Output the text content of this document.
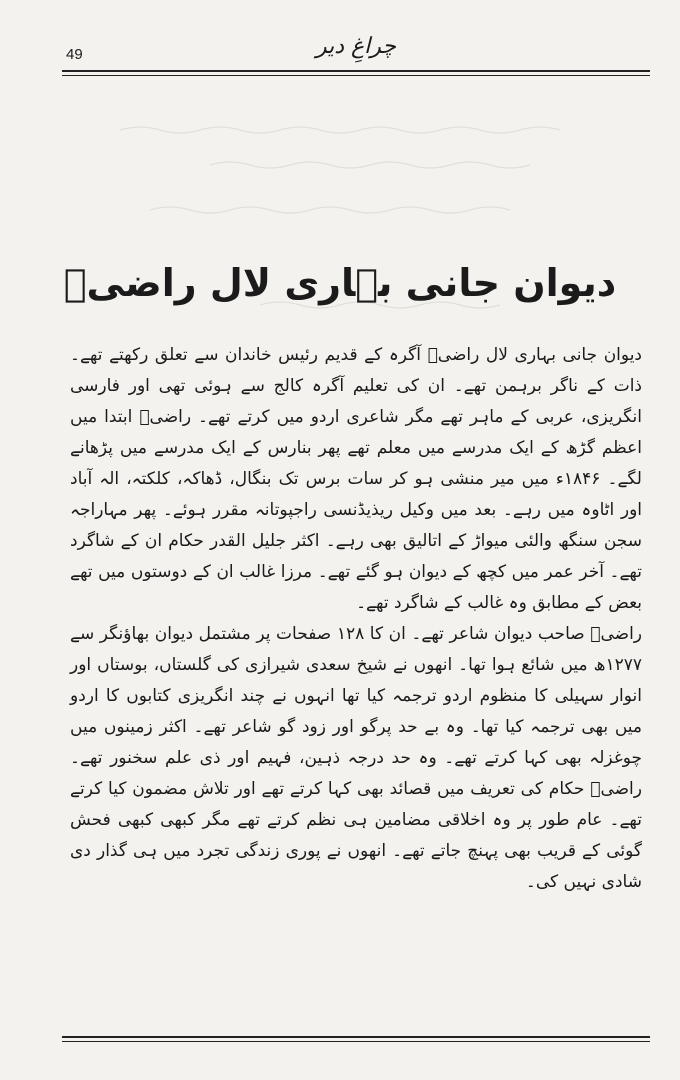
49	چراغِ دیر
دیوان جانی بہاری لال راضیؔ

دیوان جانی بہاری لال راضیؔ آگرہ کے قدیم رئیس خاندان سے تعلق رکھتے تھے۔ ذات کے ناگر برہمن تھے۔ ان کی تعلیم آگرہ کالج سے ہوئی تھی اور فارسی انگریزی، عربی کے ماہر تھے مگر شاعری اردو میں کرتے تھے۔ راضیؔ ابتدا میں اعظم گڑھ کے ایک مدرسے میں معلم تھے پھر بنارس کے ایک مدرسے میں پڑھانے لگے۔ ۱۸۴۶ء میں میر منشی ہو کر سات برس تک بنگال، ڈھاکہ، کلکتہ، الہ آباد اور اٹاوہ میں رہے۔ بعد میں وکیل ریذیڈنسی راجپوتانہ مقرر ہوئے۔ پھر مہاراجہ سجن سنگھ والئی میواڑ کے اتالیق بھی رہے۔ اکثر جلیل القدر حکام ان کے شاگرد تھے۔ آخر عمر میں کچھ کے دیوان ہو گئے تھے۔ مرزا غالب ان کے دوستوں میں تھے بعض کے مطابق وہ غالب کے شاگرد تھے۔

راضیؔ صاحب دیوان شاعر تھے۔ ان کا ۱۲۸ صفحات پر مشتمل دیوان بھاؤنگر سے ۱۲۷۷ھ میں شائع ہوا تھا۔ انھوں نے شیخ سعدی شیرازی کی گلستاں، بوستاں اور انوار سہیلی کا منظوم اردو ترجمہ کیا تھا انہوں نے چند انگریزی کتابوں کا اردو میں بھی ترجمہ کیا تھا۔ وہ بے حد پرگو اور زود گو شاعر تھے۔ اکثر زمینوں میں چوغزلہ بھی کہا کرتے تھے۔ وہ حد درجہ ذہین، فہیم اور ذی علم سخنور تھے۔ راضیؔ حکام کی تعریف میں قصائد بھی کہا کرتے تھے اور تلاش مضمون کیا کرتے تھے۔ عام طور پر وہ اخلاقی مضامین ہی نظم کرتے تھے مگر کبھی کبھی فحش گوئی کے قریب بھی پہنچ جاتے تھے۔ انھوں نے پوری زندگی تجرد میں ہی گذار دی شادی نہیں کی۔
